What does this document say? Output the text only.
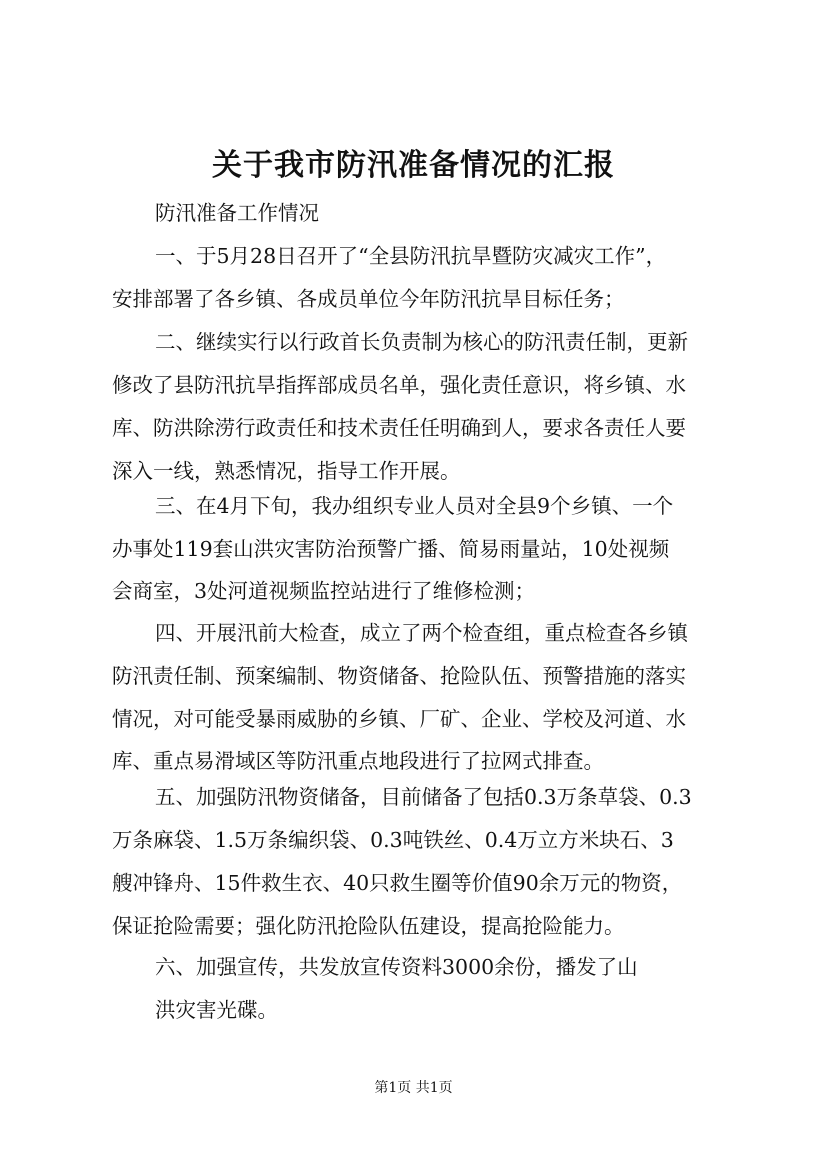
关于我市防汛准备情况的汇报
防汛准备工作情况
一、于5月28日召开了“全县防汛抗旱暨防灾减灾工作”，
安排部署了各乡镇、各成员单位今年防汛抗旱目标任务；
二、继续实行以行政首长负责制为核心的防汛责任制，更新
修改了县防汛抗旱指挥部成员名单，强化责任意识，将乡镇、水
库、防洪除涝行政责任和技术责任任明确到人，要求各责任人要
深入一线，熟悉情况，指导工作开展。
三、在4月下旬，我办组织专业人员对全县9个乡镇、一个
办事处119套山洪灾害防治预警广播、简易雨量站，10处视频
会商室，3处河道视频监控站进行了维修检测；
四、开展汛前大检查，成立了两个检查组，重点检查各乡镇
防汛责任制、预案编制、物资储备、抢险队伍、预警措施的落实
情况，对可能受暴雨威胁的乡镇、厂矿、企业、学校及河道、水
库、重点易滑域区等防汛重点地段进行了拉网式排查。
五、加强防汛物资储备，目前储备了包括0.3万条草袋、0.3
万条麻袋、1.5万条编织袋、0.3吨铁丝、0.4万立方米块石、3
艘冲锋舟、15件救生衣、40只救生圈等价值90余万元的物资，
保证抢险需要；强化防汛抢险队伍建设，提高抢险能力。
六、加强宣传，共发放宣传资料3000余份，播发了山
洪灾害光碟。
第1页 共1页
